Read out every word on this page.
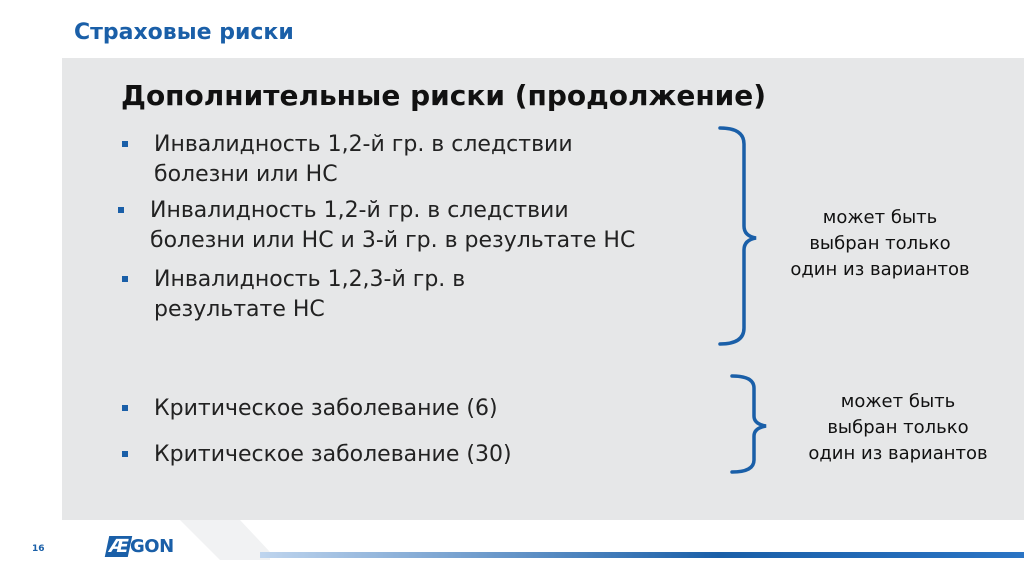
Страховые риски
Дополнительные риски (продолжение)
Инвалидность 1,2-й гр. в следствии
болезни или НС
Инвалидность 1,2-й гр. в следствии
болезни или НС и 3-й гр. в результате НС
Инвалидность 1,2,3-й гр. в
результате НС
может быть
выбран только
один из вариантов
Критическое заболевание (6)
Критическое заболевание (30)
может быть
выбран только
один из вариантов
16	ÆGON
